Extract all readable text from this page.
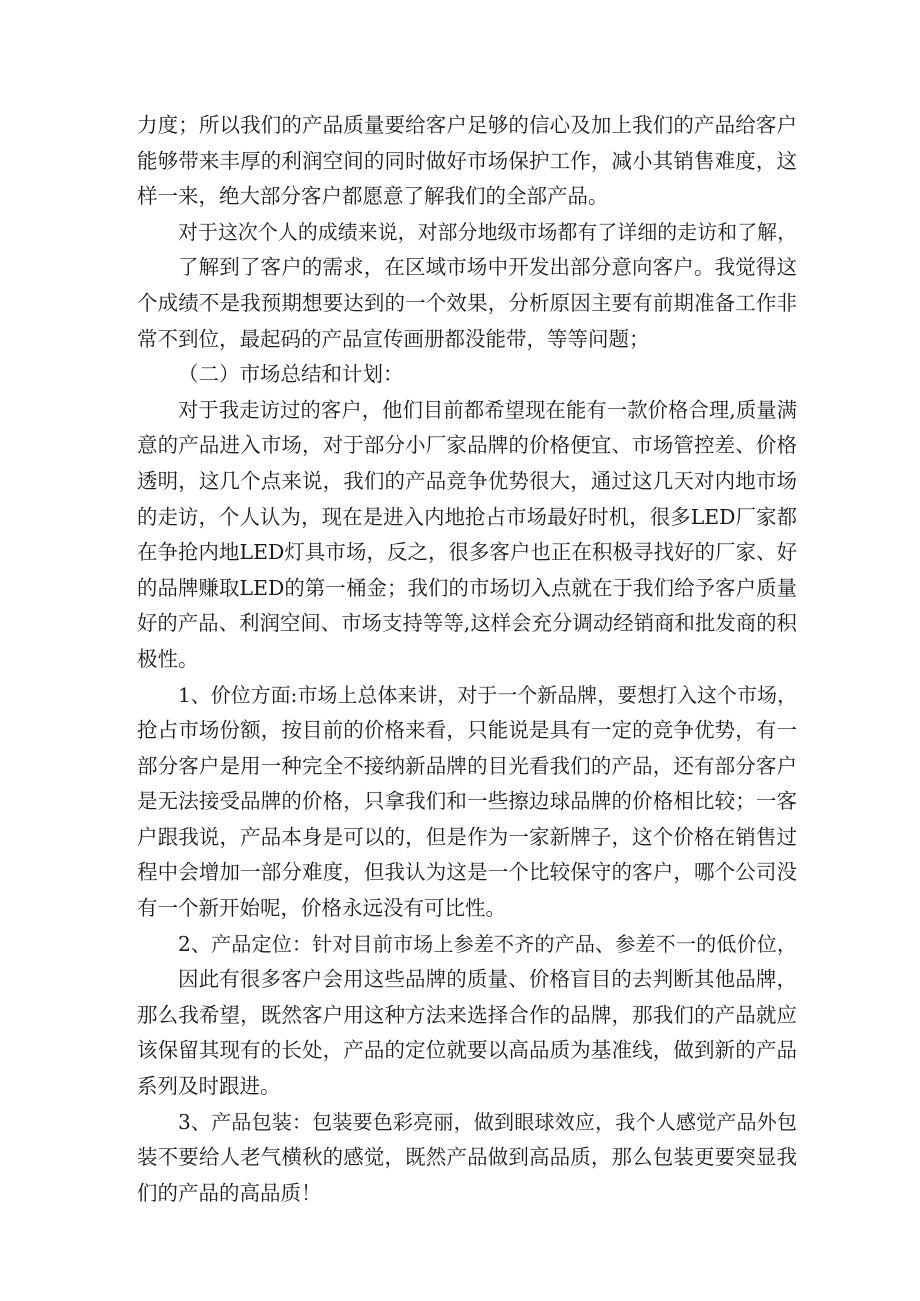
力度；所以我们的产品质量要给客户足够的信心及加上我们的产品给客户
能够带来丰厚的利润空间的同时做好市场保护工作，减小其销售难度，这
样一来，绝大部分客户都愿意了解我们的全部产品。

对于这次个人的成绩来说，对部分地级市场都有了详细的走访和了解，
了解到了客户的需求，在区域市场中开发出部分意向客户。我觉得这
个成绩不是我预期想要达到的一个效果，分析原因主要有前期准备工作非
常不到位，最起码的产品宣传画册都没能带，等等问题；

（二）市场总结和计划：

对于我走访过的客户，他们目前都希望现在能有一款价格合理,质量满
意的产品进入市场，对于部分小厂家品牌的价格便宜、市场管控差、价格
透明，这几个点来说，我们的产品竞争优势很大，通过这几天对内地市场
的走访，个人认为，现在是进入内地抢占市场最好时机，很多LED厂家都
在争抢内地LED灯具市场，反之，很多客户也正在积极寻找好的厂家、好
的品牌赚取LED的第一桶金；我们的市场切入点就在于我们给予客户质量
好的产品、利润空间、市场支持等等,这样会充分调动经销商和批发商的积
极性。

1、价位方面:市场上总体来讲，对于一个新品牌，要想打入这个市场，
抢占市场份额，按目前的价格来看，只能说是具有一定的竞争优势，有一
部分客户是用一种完全不接纳新品牌的目光看我们的产品，还有部分客户
是无法接受品牌的价格，只拿我们和一些擦边球品牌的价格相比较；一客
户跟我说，产品本身是可以的，但是作为一家新牌子，这个价格在销售过
程中会增加一部分难度，但我认为这是一个比较保守的客户，哪个公司没
有一个新开始呢，价格永远没有可比性。

2、产品定位：针对目前市场上参差不齐的产品、参差不一的低价位，
因此有很多客户会用这些品牌的质量、价格盲目的去判断其他品牌，
那么我希望，既然客户用这种方法来选择合作的品牌，那我们的产品就应
该保留其现有的长处，产品的定位就要以高品质为基准线，做到新的产品
系列及时跟进。

3、产品包装：包装要色彩亮丽，做到眼球效应，我个人感觉产品外包
装不要给人老气横秋的感觉，既然产品做到高品质，那么包装更要突显我
们的产品的高品质！
